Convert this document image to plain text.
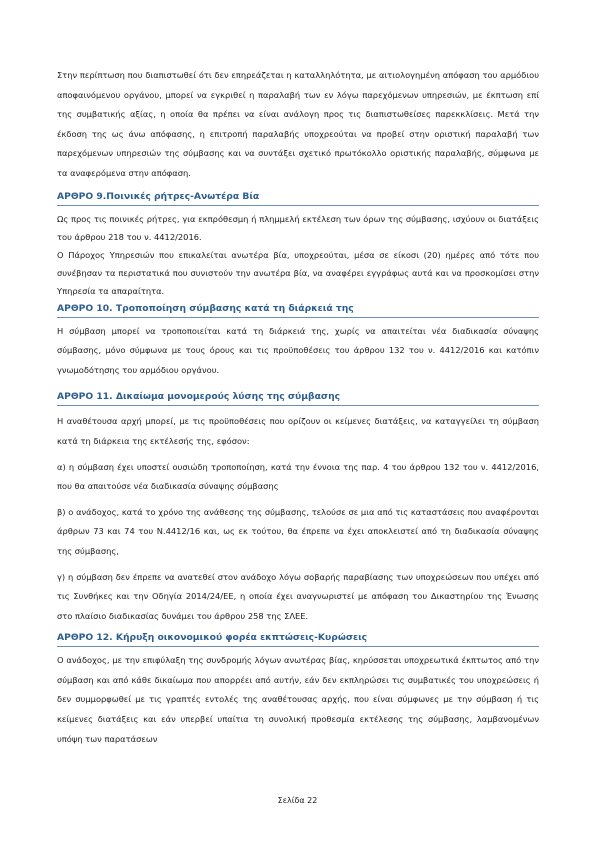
Στην περίπτωση που διαπιστωθεί ότι δεν επηρεάζεται η καταλληλότητα, με αιτιολογημένη απόφαση του αρμόδιου αποφαινόμενου οργάνου, μπορεί να εγκριθεί η παραλαβή των εν λόγω παρεχόμενων υπηρεσιών, με έκπτωση επί της συμβατικής αξίας, η οποία θα πρέπει να είναι ανάλογη προς τις διαπιστωθείσες παρεκκλίσεις. Μετά την έκδοση της ως άνω απόφασης, η επιτροπή παραλαβής υποχρεούται να προβεί στην οριστική παραλαβή των παρεχόμενων υπηρεσιών της σύμβασης και να συντάξει σχετικό πρωτόκολλο οριστικής παραλαβής, σύμφωνα με τα αναφερόμενα στην απόφαση.

ΑΡΘΡΟ 9.Ποινικές ρήτρες-Ανωτέρα Βία

Ως προς τις ποινικές ρήτρες, για εκπρόθεσμη ή πλημμελή εκτέλεση των όρων της σύμβασης, ισχύουν οι διατάξεις του άρθρου 218 του ν. 4412/2016.

Ο Πάροχος Υπηρεσιών που επικαλείται ανωτέρα βία, υποχρεούται, μέσα σε είκοσι (20) ημέρες από τότε που συνέβησαν τα περιστατικά που συνιστούν την ανωτέρα βία, να αναφέρει εγγράφως αυτά και να προσκομίσει στην Υπηρεσία τα απαραίτητα.

ΑΡΘΡΟ 10. Τροποποίηση σύμβασης κατά τη διάρκειά της

Η σύμβαση μπορεί να τροποποιείται κατά τη διάρκειά της, χωρίς να απαιτείται νέα διαδικασία σύναψης σύμβασης, μόνο σύμφωνα με τους όρους και τις προϋποθέσεις του άρθρου 132 του ν. 4412/2016 και κατόπιν γνωμοδότησης του αρμόδιου οργάνου.

ΑΡΘΡΟ 11. Δικαίωμα μονομερούς λύσης της σύμβασης

Η αναθέτουσα αρχή μπορεί, με τις προϋποθέσεις που ορίζουν οι κείμενες διατάξεις, να καταγγείλει τη σύμβαση κατά τη διάρκεια της εκτέλεσής της, εφόσον:

α) η σύμβαση έχει υποστεί ουσιώδη τροποποίηση, κατά την έννοια της παρ. 4 του άρθρου 132 του ν. 4412/2016, που θα απαιτούσε νέα διαδικασία σύναψης σύμβασης

β) ο ανάδοχος, κατά το χρόνο της ανάθεσης της σύμβασης, τελούσε σε μια από τις καταστάσεις που αναφέρονται άρθρων 73 και 74 του Ν.4412/16 και, ως εκ τούτου, θα έπρεπε να έχει αποκλειστεί από τη διαδικασία σύναψης της σύμβασης,

γ) η σύμβαση δεν έπρεπε να ανατεθεί στον ανάδοχο λόγω σοβαρής παραβίασης των υποχρεώσεων που υπέχει από τις Συνθήκες και την Οδηγία 2014/24/ΕΕ, η οποία έχει αναγνωριστεί με απόφαση του Δικαστηρίου της Ένωσης στο πλαίσιο διαδικασίας δυνάμει του άρθρου 258 της ΣΛΕΕ.

ΑΡΘΡΟ 12. Κήρυξη οικονομικού φορέα εκπτώσεις-Κυρώσεις

Ο ανάδοχος, με την επιφύλαξη της συνδρομής λόγων ανωτέρας βίας, κηρύσσεται υποχρεωτικά έκπτωτος από την σύμβαση και από κάθε δικαίωμα που απορρέει από αυτήν, εάν δεν εκπληρώσει τις συμβατικές του υποχρεώσεις ή δεν συμμορφωθεί με τις γραπτές εντολές της αναθέτουσας αρχής, που είναι σύμφωνες με την σύμβαση ή τις κείμενες διατάξεις και εάν υπερβεί υπαίτια τη συνολική προθεσμία εκτέλεσης της σύμβασης, λαμβανομένων υπόψη των παρατάσεων

Σελίδα 22
